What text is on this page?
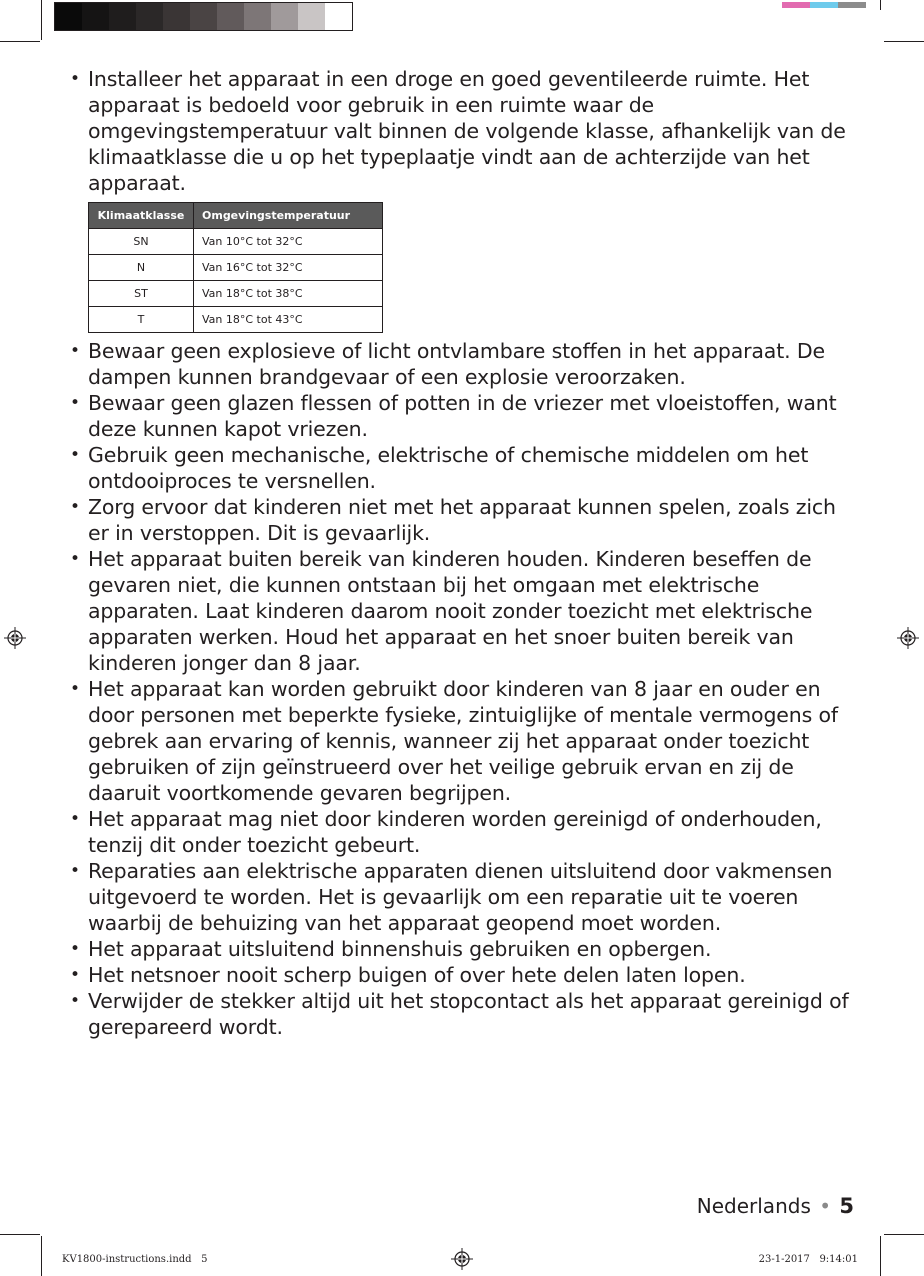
• Installeer het apparaat in een droge en goed geventileerde ruimte. Het apparaat is bedoeld voor gebruik in een ruimte waar de omgevingstemperatuur valt binnen de volgende klasse, afhankelijk van de klimaatklasse die u op het typeplaatje vindt aan de achterzijde van het apparaat.
Klimaatklasse	Omgevingstemperatuur
SN	Van 10°C tot 32°C
N	Van 16°C tot 32°C
ST	Van 18°C tot 38°C
T	Van 18°C tot 43°C
• Bewaar geen explosieve of licht ontvlambare stoffen in het apparaat. De dampen kunnen brandgevaar of een explosie veroorzaken.
• Bewaar geen glazen flessen of potten in de vriezer met vloeistoffen, want deze kunnen kapot vriezen.
• Gebruik geen mechanische, elektrische of chemische middelen om het ontdooiproces te versnellen.
• Zorg ervoor dat kinderen niet met het apparaat kunnen spelen, zoals zich er in verstoppen. Dit is gevaarlijk.
• Het apparaat buiten bereik van kinderen houden. Kinderen beseffen de gevaren niet, die kunnen ontstaan bij het omgaan met elektrische apparaten. Laat kinderen daarom nooit zonder toezicht met elektrische apparaten werken. Houd het apparaat en het snoer buiten bereik van kinderen jonger dan 8 jaar.
• Het apparaat kan worden gebruikt door kinderen van 8 jaar en ouder en door personen met beperkte fysieke, zintuiglijke of mentale vermogens of gebrek aan ervaring of kennis, wanneer zij het apparaat onder toezicht gebruiken of zijn geïnstrueerd over het veilige gebruik ervan en zij de daaruit voortkomende gevaren begrijpen.
• Het apparaat mag niet door kinderen worden gereinigd of onderhouden, tenzij dit onder toezicht gebeurt.
• Reparaties aan elektrische apparaten dienen uitsluitend door vakmensen uitgevoerd te worden. Het is gevaarlijk om een reparatie uit te voeren waarbij de behuizing van het apparaat geopend moet worden.
• Het apparaat uitsluitend binnenshuis gebruiken en opbergen.
• Het netsnoer nooit scherp buigen of over hete delen laten lopen.
• Verwijder de stekker altijd uit het stopcontact als het apparaat gereinigd of gerepareerd wordt.
Nederlands • 5
KV1800-instructions.indd   5	23-1-2017   9:14:01
